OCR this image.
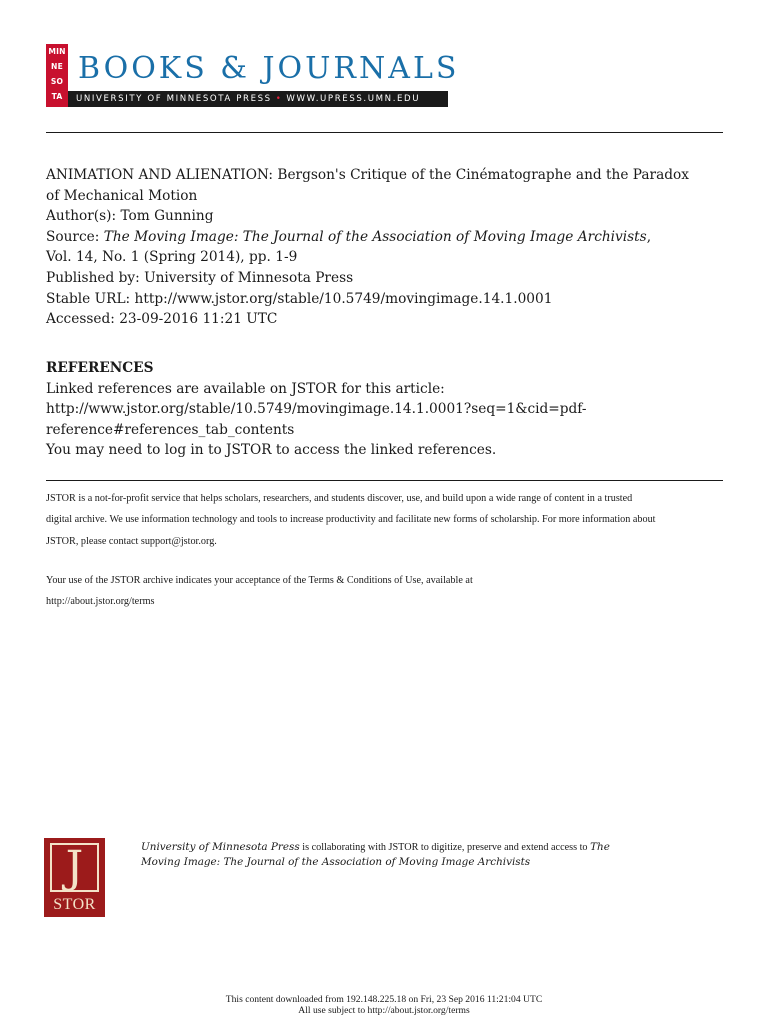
MIN
NE
SO
TA
BOOKS & JOURNALS
UNIVERSITY OF MINNESOTA PRESS • WWW.UPRESS.UMN.EDU

ANIMATION AND ALIENATION: Bergson's Critique of the Cinématographe and the Paradox

of Mechanical Motion

Author(s): Tom Gunning

Source: The Moving Image: The Journal of the Association of Moving Image Archivists,

Vol. 14, No. 1 (Spring 2014), pp. 1-9

Published by: University of Minnesota Press

Stable URL: http://www.jstor.org/stable/10.5749/movingimage.14.1.0001

Accessed: 23-09-2016 11:21 UTC

REFERENCES

Linked references are available on JSTOR for this article:

http://www.jstor.org/stable/10.5749/movingimage.14.1.0001?seq=1&cid=pdf-

reference#references_tab_contents

You may need to log in to JSTOR to access the linked references.

JSTOR is a not-for-profit service that helps scholars, researchers, and students discover, use, and build upon a wide range of content in a trusted

digital archive. We use information technology and tools to increase productivity and facilitate new forms of scholarship. For more information about

JSTOR, please contact support@jstor.org.

Your use of the JSTOR archive indicates your acceptance of the Terms & Conditions of Use, available at

http://about.jstor.org/terms

J
STOR

University of Minnesota Press is collaborating with JSTOR to digitize, preserve and extend access to The

Moving Image: The Journal of the Association of Moving Image Archivists

This content downloaded from 192.148.225.18 on Fri, 23 Sep 2016 11:21:04 UTC

All use subject to http://about.jstor.org/terms
